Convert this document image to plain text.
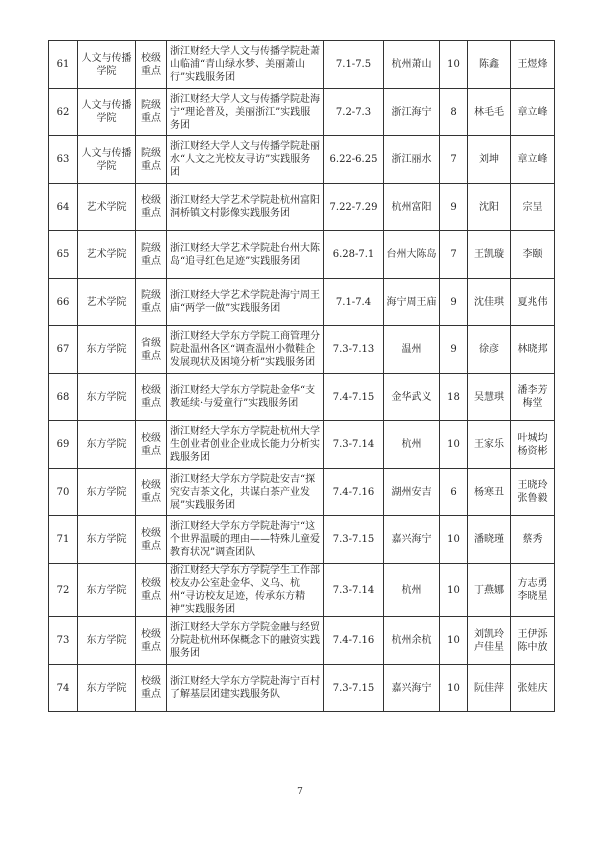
61	人文与传播学院	校级重点	浙江财经大学人文与传播学院赴萧山临浦“青山绿水梦、美丽萧山行”实践服务团	7.1-7.5	杭州萧山	10	陈鑫	王煜烽
62	人文与传播学院	院级重点	浙江财经大学人文与传播学院赴海宁“理论普及，美丽浙江”实践服务团	7.2-7.3	浙江海宁	8	林毛毛	章立峰
63	人文与传播学院	院级重点	浙江财经大学人文与传播学院赴丽水“人文之光校友寻访”实践服务团	6.22-6.25	浙江丽水	7	刘坤	章立峰
64	艺术学院	校级重点	浙江财经大学艺术学院赴杭州富阳洞桥镇文村影像实践服务团	7.22-7.29	杭州富阳	9	沈阳	宗呈
65	艺术学院	院级重点	浙江财经大学艺术学院赴台州大陈岛“追寻红色足迹”实践服务团	6.28-7.1	台州大陈岛	7	王凯璇	李颐
66	艺术学院	院级重点	浙江财经大学艺术学院赴海宁周王庙“两学一做”实践服务团	7.1-7.4	海宁周王庙	9	沈佳琪	夏兆伟
67	东方学院	省级重点	浙江财经大学东方学院工商管理分院赴温州各区“调查温州小微鞋企发展现状及困境分析”实践服务团	7.3-7.13	温州	9	徐彦	林晓邦
68	东方学院	校级重点	浙江财经大学东方学院赴金华“支教延续·与爱童行”实践服务团	7.4-7.15	金华武义	18	吴慧琪	潘李芳 梅堂
69	东方学院	校级重点	浙江财经大学东方学院赴杭州大学生创业者创业企业成长能力分析实践服务团	7.3-7.14	杭州	10	王家乐	叶城均 杨资彬
70	东方学院	校级重点	浙江财经大学东方学院赴安吉“探究安吉茶文化，共谋白茶产业发展”实践服务团	7.4-7.16	湖州安吉	6	杨寒丑	王晓玲 张鲁毅
71	东方学院	校级重点	浙江财经大学东方学院赴海宁“这个世界温暖的理由——特殊儿童爱教育状况”调查团队	7.3-7.15	嘉兴海宁	10	潘晓瑾	蔡秀
72	东方学院	校级重点	浙江财经大学东方学院学生工作部校友办公室赴金华、义乌、杭州“寻访校友足迹，传承东方精神”实践服务团	7.3-7.14	杭州	10	丁燕娜	方志勇 李晓星
73	东方学院	校级重点	浙江财经大学东方学院金融与经贸分院赴杭州环保概念下的融资实践服务团	7.4-7.16	杭州余杭	10	刘凯玲 卢佳星	王伊泺 陈中放
74	东方学院	校级重点	浙江财经大学东方学院赴海宁百村了解基层团建实践服务队	7.3-7.15	嘉兴海宁	10	阮佳萍	张娃庆
7
